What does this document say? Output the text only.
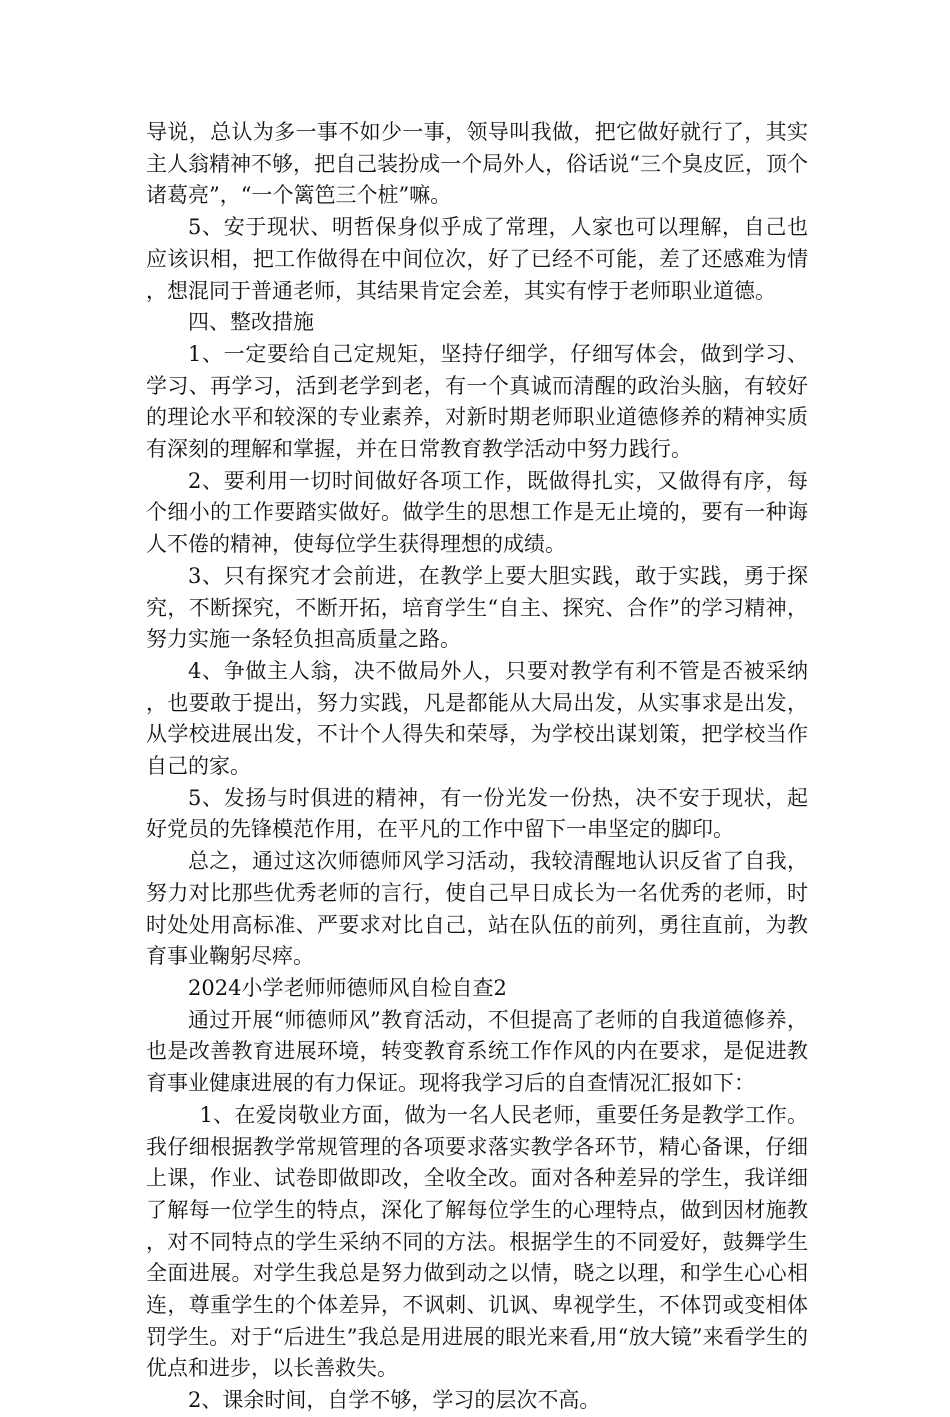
导说，总认为多一事不如少一事，领导叫我做，把它做好就行了，其实主人翁精神不够，把自己装扮成一个局外人，俗话说“三个臭皮匠，顶个诸葛亮”，“一个篱笆三个桩”嘛。

5、安于现状、明哲保身似乎成了常理，人家也可以理解，自己也应该识相，把工作做得在中间位次，好了已经不可能，差了还感难为情，想混同于普通老师，其结果肯定会差，其实有悖于老师职业道德。

四、整改措施

1、一定要给自己定规矩，坚持仔细学，仔细写体会，做到学习、学习、再学习，活到老学到老，有一个真诚而清醒的政治头脑，有较好的理论水平和较深的专业素养，对新时期老师职业道德修养的精神实质有深刻的理解和掌握，并在日常教育教学活动中努力践行。

2、要利用一切时间做好各项工作，既做得扎实，又做得有序，每个细小的工作要踏实做好。做学生的思想工作是无止境的，要有一种诲人不倦的精神，使每位学生获得理想的成绩。

3、只有探究才会前进，在教学上要大胆实践，敢于实践，勇于探究，不断探究，不断开拓，培育学生“自主、探究、合作”的学习精神，努力实施一条轻负担高质量之路。

4、争做主人翁，决不做局外人，只要对教学有利不管是否被采纳，也要敢于提出，努力实践，凡是都能从大局出发，从实事求是出发，从学校进展出发，不计个人得失和荣辱，为学校出谋划策，把学校当作自己的家。

5、发扬与时俱进的精神，有一份光发一份热，决不安于现状，起好党员的先锋模范作用，在平凡的工作中留下一串坚定的脚印。

总之，通过这次师德师风学习活动，我较清醒地认识反省了自我，努力对比那些优秀老师的言行，使自己早日成长为一名优秀的老师，时时处处用高标准、严要求对比自己，站在队伍的前列，勇往直前，为教育事业鞠躬尽瘁。

2024小学老师师德师风自检自查2

通过开展“师德师风”教育活动，不但提高了老师的自我道德修养，也是改善教育进展环境，转变教育系统工作作风的内在要求，是促进教育事业健康进展的有力保证。现将我学习后的自查情况汇报如下：

1、在爱岗敬业方面，做为一名人民老师，重要任务是教学工作。我仔细根据教学常规管理的各项要求落实教学各环节，精心备课，仔细上课，作业、试卷即做即改，全收全改。面对各种差异的学生，我详细了解每一位学生的特点，深化了解每位学生的心理特点，做到因材施教，对不同特点的学生采纳不同的方法。根据学生的不同爱好，鼓舞学生全面进展。对学生我总是努力做到动之以情，晓之以理，和学生心心相连，尊重学生的个体差异，不讽刺、讥讽、卑视学生，不体罚或变相体罚学生。对于“后进生”我总是用进展的眼光来看,用“放大镜”来看学生的优点和进步，以长善救失。

2、课余时间，自学不够，学习的层次不高。
